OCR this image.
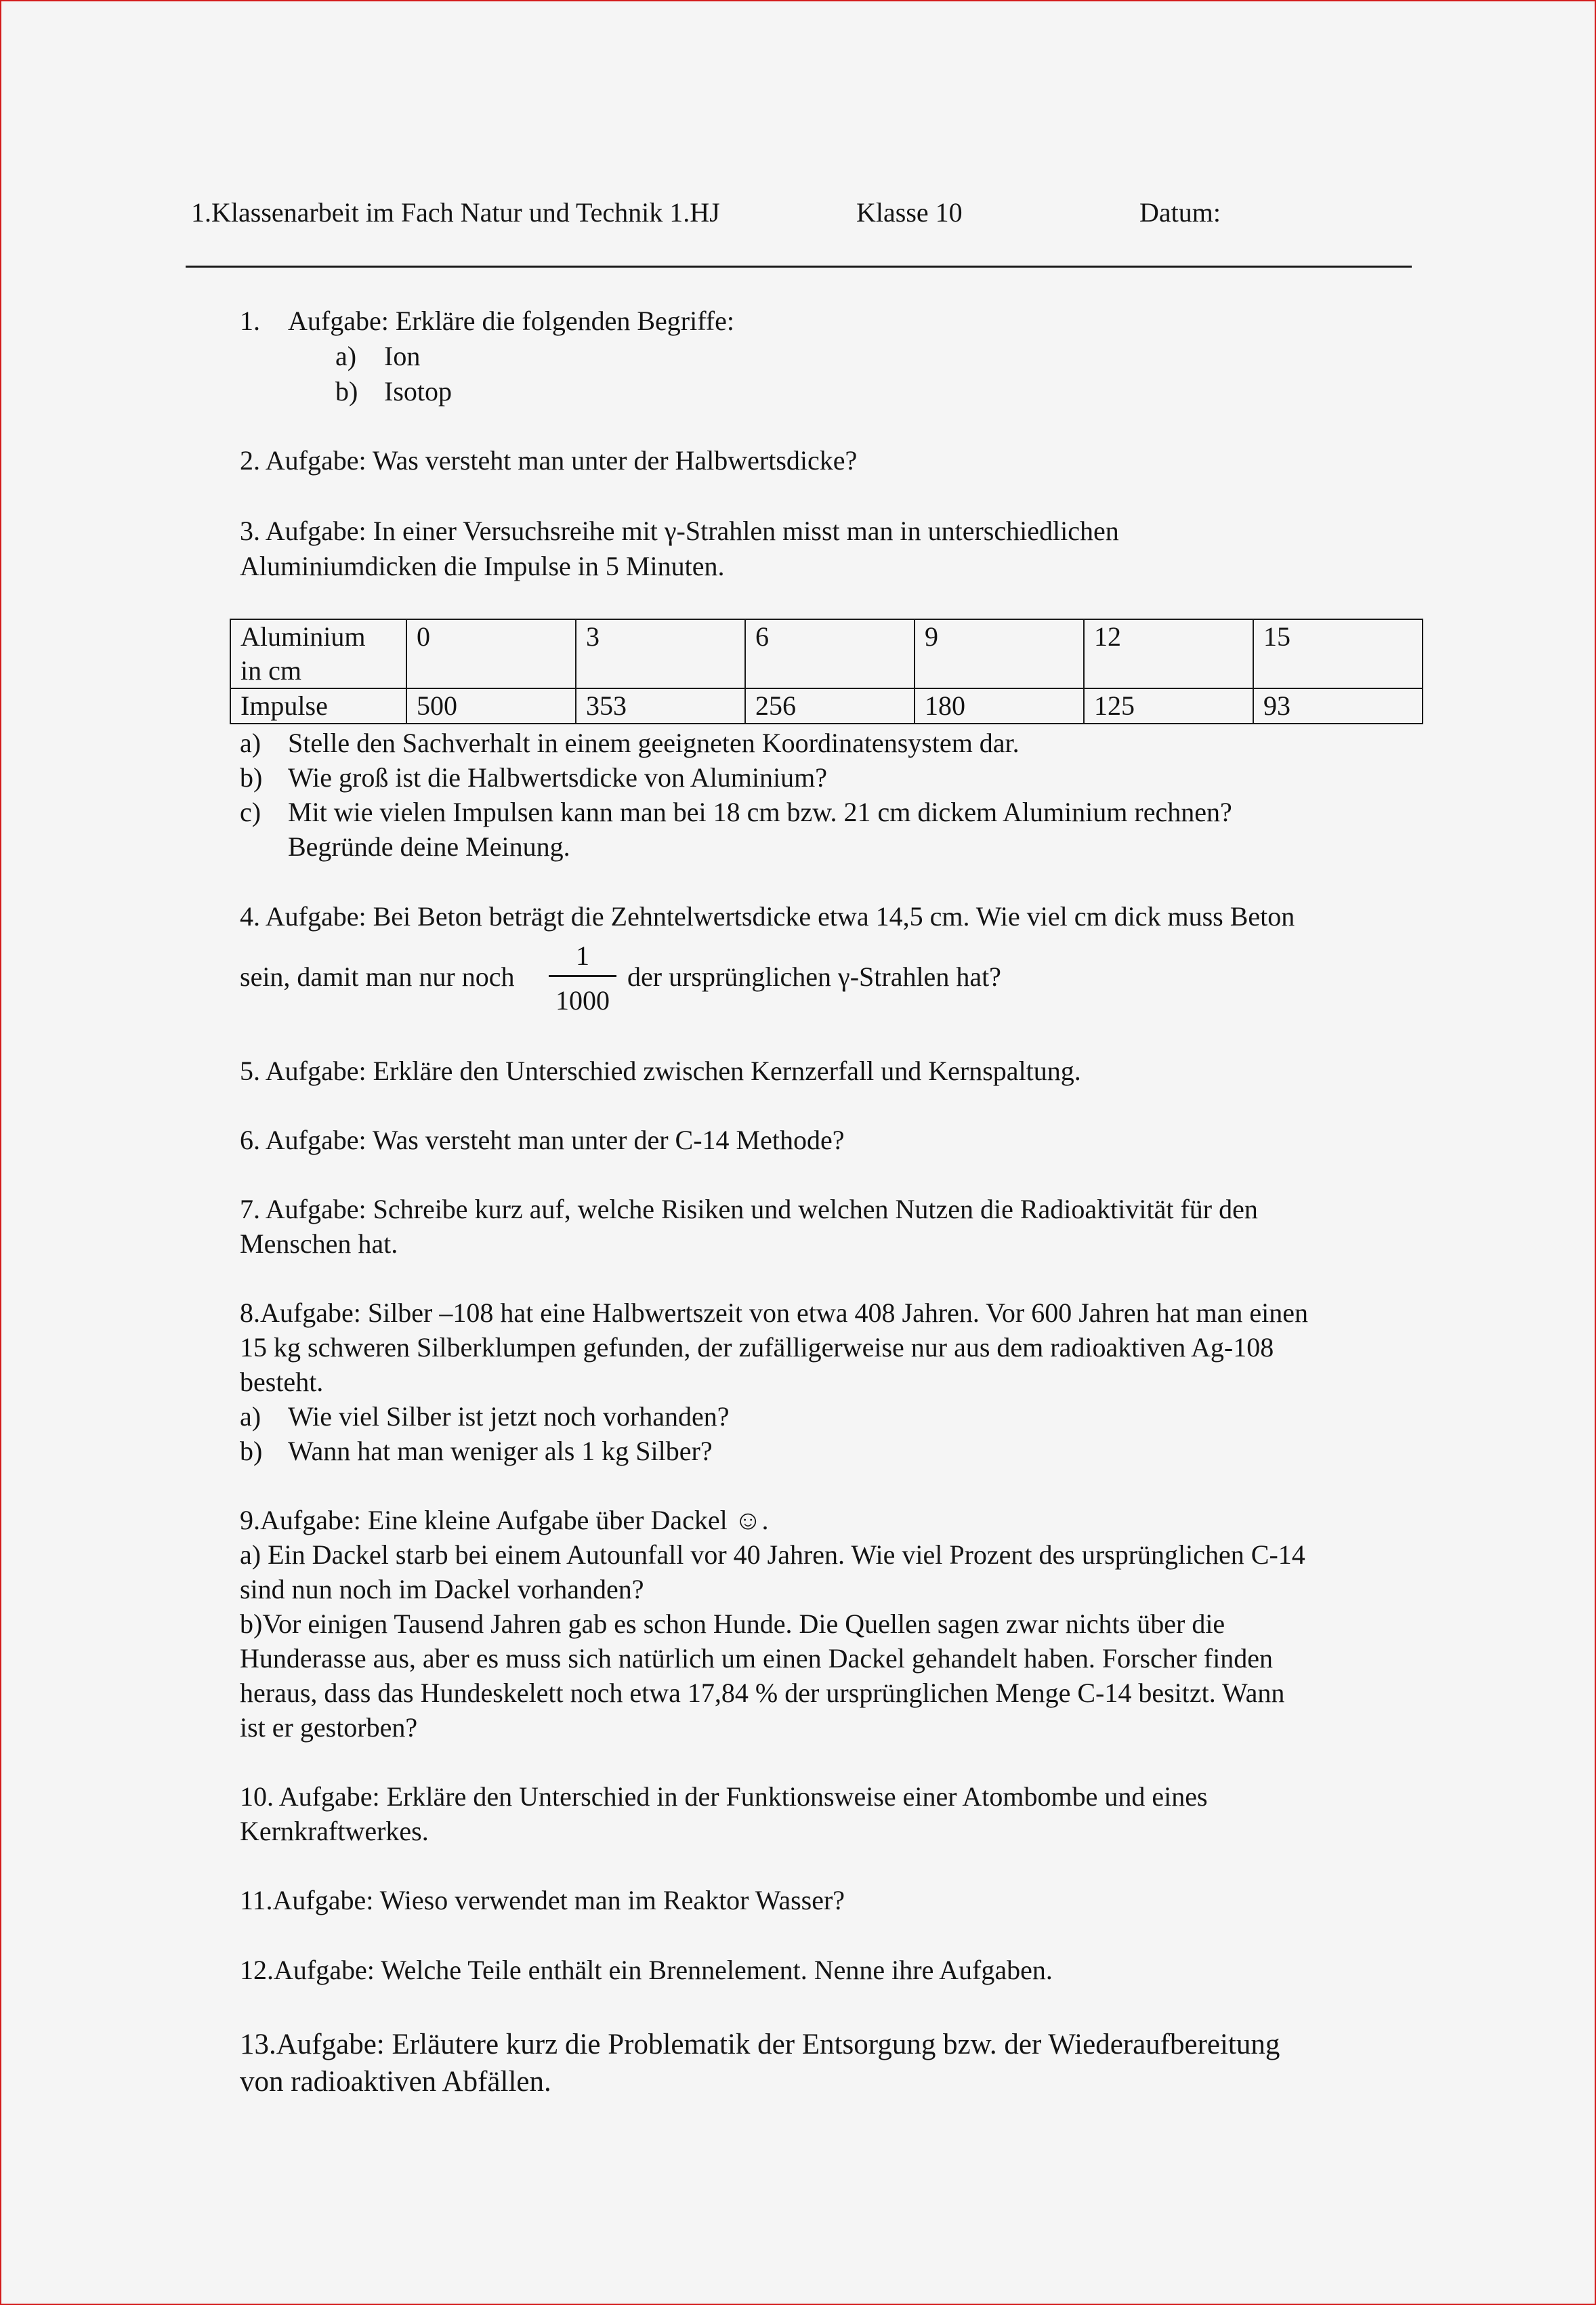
1.Klassenarbeit im Fach Natur und Technik 1.HJ	Klasse 10	Datum:
1. Aufgabe: Erkläre die folgenden Begriffe:
a) Ion
b) Isotop
2. Aufgabe: Was versteht man unter der Halbwertsdicke?
3. Aufgabe: In einer Versuchsreihe mit γ-Strahlen misst man in unterschiedlichen
Aluminiumdicken die Impulse in 5 Minuten.
Aluminium
in cm	0	3	6	9	12	15
Impulse	500	353	256	180	125	93
a) Stelle den Sachverhalt in einem geeigneten Koordinatensystem dar.
b) Wie groß ist die Halbwertsdicke von Aluminium?
c) Mit wie vielen Impulsen kann man bei 18 cm bzw. 21 cm dickem Aluminium rechnen?
Begründe deine Meinung.
4. Aufgabe: Bei Beton beträgt die Zehntelwertsdicke etwa 14,5 cm. Wie viel cm dick muss Beton
sein, damit man nur noch
1
1000
der ursprünglichen γ-Strahlen hat?
5. Aufgabe: Erkläre den Unterschied zwischen Kernzerfall und Kernspaltung.
6. Aufgabe: Was versteht man unter der C-14 Methode?
7. Aufgabe: Schreibe kurz auf, welche Risiken und welchen Nutzen die Radioaktivität für den
Menschen hat.
8.Aufgabe: Silber –108 hat eine Halbwertszeit von etwa 408 Jahren. Vor 600 Jahren hat man einen
15 kg schweren Silberklumpen gefunden, der zufälligerweise nur aus dem radioaktiven Ag-108
besteht.
a) Wie viel Silber ist jetzt noch vorhanden?
b) Wann hat man weniger als 1 kg Silber?
9.Aufgabe: Eine kleine Aufgabe über Dackel ☺.
a) Ein Dackel starb bei einem Autounfall vor 40 Jahren. Wie viel Prozent des ursprünglichen C-14
sind nun noch im Dackel vorhanden?
b)Vor einigen Tausend Jahren gab es schon Hunde. Die Quellen sagen zwar nichts über die
Hunderasse aus, aber es muss sich natürlich um einen Dackel gehandelt haben. Forscher finden
heraus, dass das Hundeskelett noch etwa 17,84 % der ursprünglichen Menge C-14 besitzt. Wann
ist er gestorben?
10. Aufgabe: Erkläre den Unterschied in der Funktionsweise einer Atombombe und eines
Kernkraftwerkes.
11.Aufgabe: Wieso verwendet man im Reaktor Wasser?
12.Aufgabe: Welche Teile enthält ein Brennelement. Nenne ihre Aufgaben.
13.Aufgabe: Erläutere kurz die Problematik der Entsorgung bzw. der Wiederaufbereitung
von radioaktiven Abfällen.
